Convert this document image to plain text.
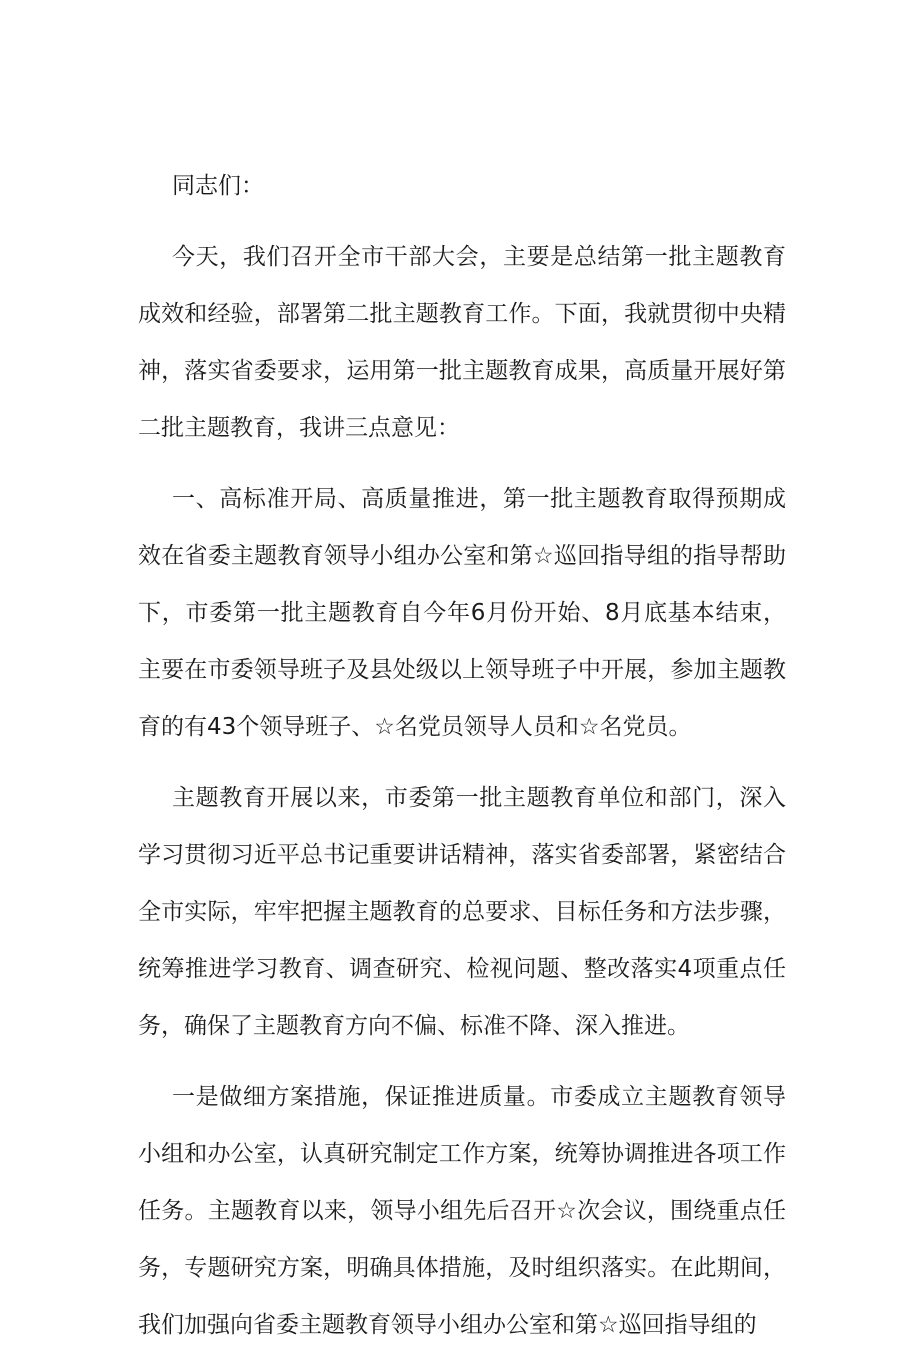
同志们：

今天，我们召开全市干部大会，主要是总结第一批主题教育成效和经验，部署第二批主题教育工作。下面，我就贯彻中央精神，落实省委要求，运用第一批主题教育成果，高质量开展好第二批主题教育，我讲三点意见：

一、高标准开局、高质量推进，第一批主题教育取得预期成效在省委主题教育领导小组办公室和第☆巡回指导组的指导帮助下，市委第一批主题教育自今年6月份开始、8月底基本结束，主要在市委领导班子及县处级以上领导班子中开展，参加主题教育的有43个领导班子、☆名党员领导人员和☆名党员。

主题教育开展以来，市委第一批主题教育单位和部门，深入学习贯彻习近平总书记重要讲话精神，落实省委部署，紧密结合全市实际，牢牢把握主题教育的总要求、目标任务和方法步骤，统筹推进学习教育、调查研究、检视问题、整改落实4项重点任务，确保了主题教育方向不偏、标准不降、深入推进。

一是做细方案措施，保证推进质量。市委成立主题教育领导小组和办公室，认真研究制定工作方案，统筹协调推进各项工作任务。主题教育以来，领导小组先后召开☆次会议，围绕重点任务，专题研究方案，明确具体措施，及时组织落实。在此期间，我们加强向省委主题教育领导小组办公室和第☆巡回指导组的
